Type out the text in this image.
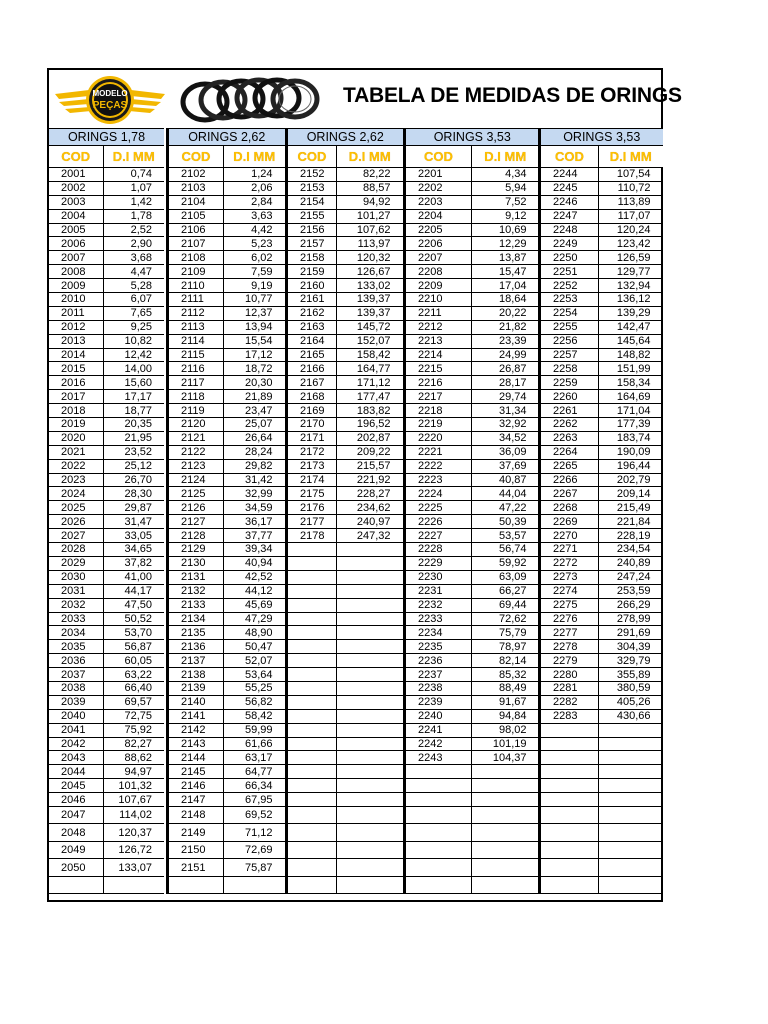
MODELO
PEÇAS	TABELA DE MEDIDAS DE ORINGS
ORINGS 1,78	
COD	D.I MM
2001	0,74
2002	1,07
2003	1,42
2004	1,78
2005	2,52
2006	2,90
2007	3,68
2008	4,47
2009	5,28
2010	6,07
2011	7,65
2012	9,25
2013	10,82
2014	12,42
2015	14,00
2016	15,60
2017	17,17
2018	18,77
2019	20,35
2020	21,95
2021	23,52
2022	25,12
2023	26,70
2024	28,30
2025	29,87
2026	31,47
2027	33,05
2028	34,65
2029	37,82
2030	41,00
2031	44,17
2032	47,50
2033	50,52
2034	53,70
2035	56,87
2036	60,05
2037	63,22
2038	66,40
2039	69,57
2040	72,75
2041	75,92
2042	82,27
2043	88,62
2044	94,97
2045	101,32
2046	107,67
2047	114,02
2048	120,37
2049	126,72
2050	133,07

ORINGS 2,62	
COD	D.I MM
2102	1,24
2103	2,06
2104	2,84
2105	3,63
2106	4,42
2107	5,23
2108	6,02
2109	7,59
2110	9,19
2111	10,77
2112	12,37
2113	13,94
2114	15,54
2115	17,12
2116	18,72
2117	20,30
2118	21,89
2119	23,47
2120	25,07
2121	26,64
2122	28,24
2123	29,82
2124	31,42
2125	32,99
2126	34,59
2127	36,17
2128	37,77
2129	39,34
2130	40,94
2131	42,52
2132	44,12
2133	45,69
2134	47,29
2135	48,90
2136	50,47
2137	52,07
2138	53,64
2139	55,25
2140	56,82
2141	58,42
2142	59,99
2143	61,66
2144	63,17
2145	64,77
2146	66,34
2147	67,95
2148	69,52
2149	71,12
2150	72,69
2151	75,87

ORINGS 2,62	
COD	D.I MM
2152	82,22
2153	88,57
2154	94,92
2155	101,27
2156	107,62
2157	113,97
2158	120,32
2159	126,67
2160	133,02
2161	139,37
2162	139,37
2163	145,72
2164	152,07
2165	158,42
2166	164,77
2167	171,12
2168	177,47
2169	183,82
2170	196,52
2171	202,87
2172	209,22
2173	215,57
2174	221,92
2175	228,27
2176	234,62
2177	240,97
2178	247,32

ORINGS 3,53	
COD	D.I MM
2201	4,34
2202	5,94
2203	7,52
2204	9,12
2205	10,69
2206	12,29
2207	13,87
2208	15,47
2209	17,04
2210	18,64
2211	20,22
2212	21,82
2213	23,39
2214	24,99
2215	26,87
2216	28,17
2217	29,74
2218	31,34
2219	32,92
2220	34,52
2221	36,09
2222	37,69
2223	40,87
2224	44,04
2225	47,22
2226	50,39
2227	53,57
2228	56,74
2229	59,92
2230	63,09
2231	66,27
2232	69,44
2233	72,62
2234	75,79
2235	78,97
2236	82,14
2237	85,32
2238	88,49
2239	91,67
2240	94,84
2241	98,02
2242	101,19
2243	104,37

ORINGS 3,53	
COD	D.I MM
2244	107,54
2245	110,72
2246	113,89
2247	117,07
2248	120,24
2249	123,42
2250	126,59
2251	129,77
2252	132,94
2253	136,12
2254	139,29
2255	142,47
2256	145,64
2257	148,82
2258	151,99
2259	158,34
2260	164,69
2261	171,04
2262	177,39
2263	183,74
2264	190,09
2265	196,44
2266	202,79
2267	209,14
2268	215,49
2269	221,84
2270	228,19
2271	234,54
2272	240,89
2273	247,24
2274	253,59
2275	266,29
2276	278,99
2277	291,69
2278	304,39
2279	329,79
2280	355,89
2281	380,59
2282	405,26
2283	430,66
